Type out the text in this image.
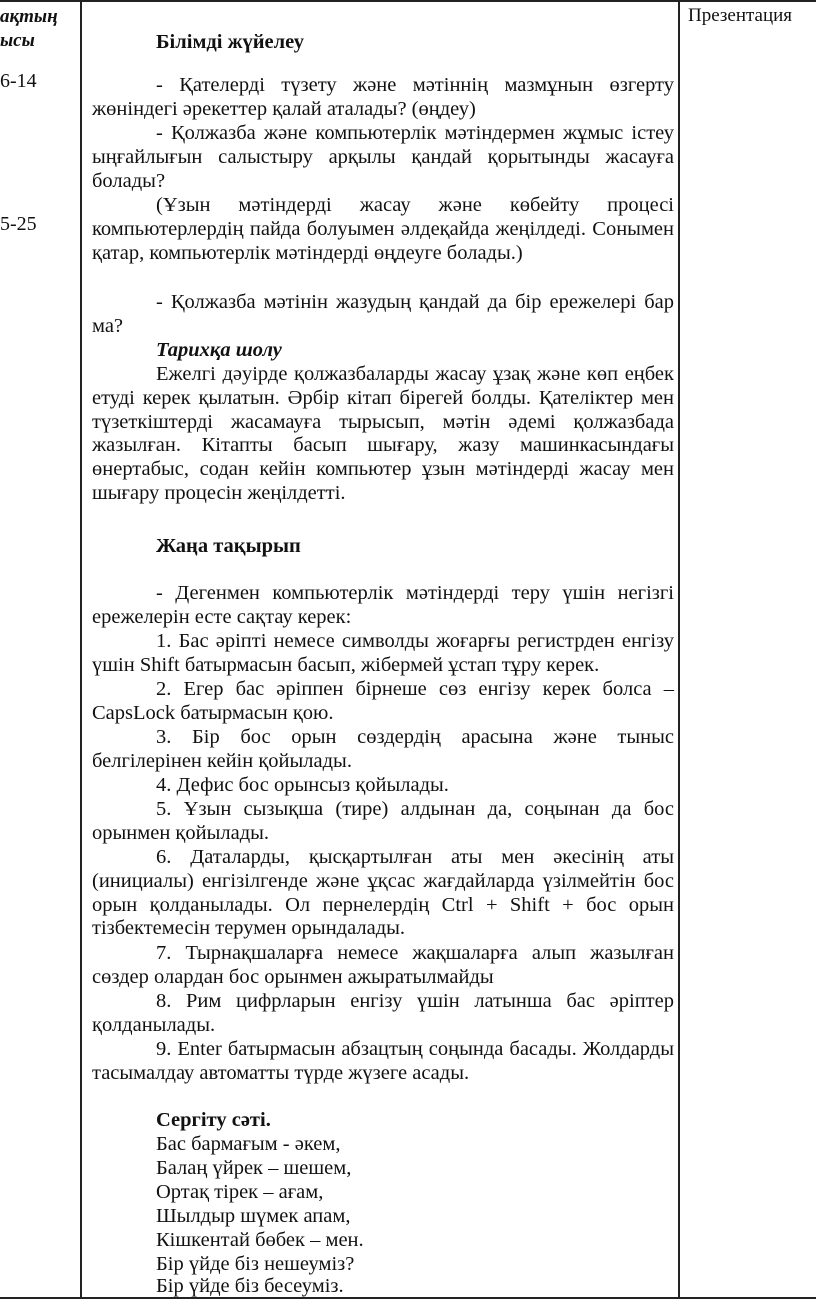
ақтың
ысы
6-14
5-25
Презентация
Білімді жүйелеу

- Қателерді түзету және мәтіннің мазмұнын өзгерту жөніндегі әрекеттер қалай аталады? (өңдеу)

- Қолжазба және компьютерлік мәтіндермен жұмыс істеу ыңғайлығын салыстыру арқылы қандай қорытынды жасауға болады?

(Ұзын мәтіндерді жасау және көбейту процесі компьютерлердің пайда болуымен әлдеқайда жеңілдеді. Сонымен қатар, компьютерлік мәтіндерді өңдеуге болады.)

- Қолжазба мәтінін жазудың қандай да бір ережелері бар ма?

Тарихқа шолу

Ежелгі дәуірде қолжазбаларды жасау ұзақ және көп еңбек етуді керек қылатын. Әрбір кітап бірегей болды. Қателіктер мен түзеткіштерді жасамауға тырысып, мәтін әдемі қолжазбада жазылған. Кітапты басып шығару, жазу машинкасындағы өнертабыс, содан кейін компьютер ұзын мәтіндерді жасау мен шығару процесін жеңілдетті.

Жаңа тақырып

- Дегенмен компьютерлік мәтіндерді теру үшін негізгі ережелерін есте сақтау керек:

1. Бас әріпті немесе символды жоғарғы регистрден енгізу үшін Shift батырмасын басып, жібермей ұстап тұру керек.

2. Егер бас әріппен бірнеше сөз енгізу керек болса – CapsLock батырмасын қою.

3. Бір бос орын сөздердің арасына және тыныс белгілерінен кейін қойылады.

4. Дефис бос орынсыз қойылады.

5. Ұзын сызықша (тире) алдынан да, соңынан да бос орынмен қойылады.

6. Даталарды, қысқартылған аты мен әкесінің аты (инициалы) енгізілгенде және ұқсас жағдайларда үзілмейтін бос орын қолданылады. Ол пернелердің Ctrl + Shift + бос орын тізбектемесін терумен орындалады.

7. Тырнақшаларға немесе жақшаларға алып жазылған сөздер олардан бос орынмен ажыратылмайды

8. Рим цифрларын енгізу үшін латынша бас әріптер қолданылады.

9. Enter батырмасын абзацтың соңында басады. Жолдарды тасымалдау автоматты түрде жүзеге асады.

Сергіту сәті.
Бас бармағым - әкем,
Балаң үйрек – шешем,
Ортақ тірек – ағам,
Шылдыр шүмек апам,
Кішкентай бөбек – мен.
Бір үйде біз нешеуміз?
Бір үйде біз бесеуміз.
